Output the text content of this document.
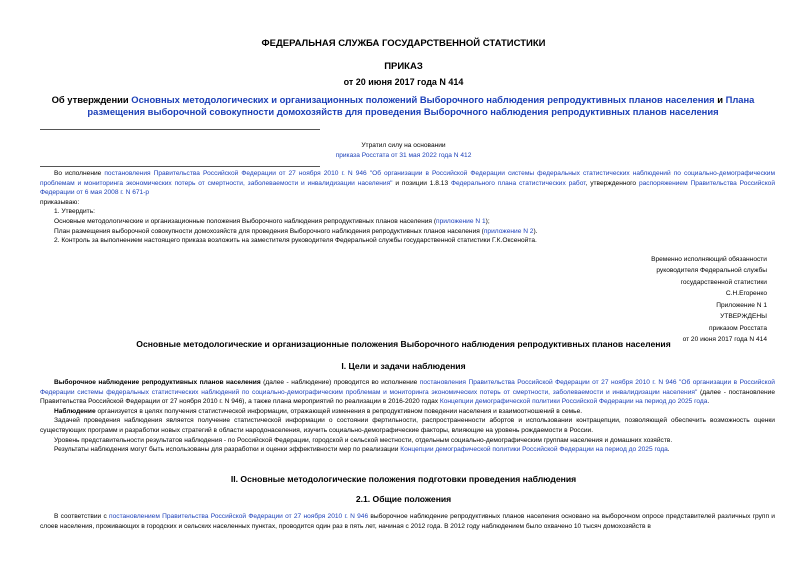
ФЕДЕРАЛЬНАЯ СЛУЖБА ГОСУДАРСТВЕННОЙ СТАТИСТИКИ
ПРИКАЗ
от 20 июня 2017 года N 414
Об утверждении Основных методологических и организационных положений Выборочного наблюдения репродуктивных планов населения и Плана размещения выборочной совокупности домохозяйств для проведения Выборочного наблюдения репродуктивных планов населения
Утратил силу на основании
приказа Росстата от 31 мая 2022 года N 412
Во исполнение постановления Правительства Российской Федерации от 27 ноября 2010 г. N 946 "Об организации в Российской Федерации системы федеральных статистических наблюдений по социально-демографическим проблемам и мониторинга экономических потерь от смертности, заболеваемости и инвалидизации населения" и позиции 1.8.13 Федерального плана статистических работ, утвержденного распоряжением Правительства Российской Федерации от 6 мая 2008 г. N 671-р
приказываю:
1. Утвердить:
Основные методологические и организационные положения Выборочного наблюдения репродуктивных планов населения (приложение N 1);
План размещения выборочной совокупности домохозяйств для проведения Выборочного наблюдения репродуктивных планов населения (приложение N 2).
2. Контроль за выполнением настоящего приказа возложить на заместителя руководителя Федеральной службы государственной статистики Г.К.Оксенойта.
Временно исполняющий обязанности
руководителя Федеральной службы
государственной статистики
С.Н.Егоренко
Приложение N 1
УТВЕРЖДЕНЫ
приказом Росстата
от 20 июня 2017 года N 414
Основные методологические и организационные положения Выборочного наблюдения репродуктивных планов населения
I. Цели и задачи наблюдения
Выборочное наблюдение репродуктивных планов населения (далее - наблюдение) проводится во исполнение постановления Правительства Российской Федерации от 27 ноября 2010 г. N 946 "Об организации в Российской Федерации системы федеральных статистических наблюдений по социально-демографическим проблемам и мониторинга экономических потерь от смертности, заболеваемости и инвалидизации населения" (далее - постановление Правительства Российской Федерации от 27 ноября 2010 г. N 946), а также плана мероприятий по реализации в 2016-2020 годах Концепции демографической политики Российской Федерации на период до 2025 года.
Наблюдение организуется в целях получения статистической информации, отражающей изменения в репродуктивном поведении населения и взаимоотношений в семье.
Задачей проведения наблюдения является получение статистической информации о состоянии фертильности, распространенности абортов и использовании контрацепции, позволяющей обеспечить возможность оценки существующих программ и разработки новых стратегий в области народонаселения, изучить социально-демографические факторы, влияющие на уровень рождаемости в России.
Уровень представительности результатов наблюдения - по Российской Федерации, городской и сельской местности, отдельным социально-демографическим группам населения и домашних хозяйств.
Результаты наблюдения могут быть использованы для разработки и оценки эффективности мер по реализации Концепции демографической политики Российской Федерации на период до 2025 года.
II. Основные методологические положения подготовки проведения наблюдения
2.1. Общие положения
В соответствии с постановлением Правительства Российской Федерации от 27 ноября 2010 г. N 946 выборочное наблюдение репродуктивных планов населения основано на выборочном опросе представителей различных групп и слоев населения, проживающих в городских и сельских населенных пунктах, проводится один раз в пять лет, начиная с 2012 года. В 2012 году наблюдением было охвачено 10 тысяч домохозяйств в
